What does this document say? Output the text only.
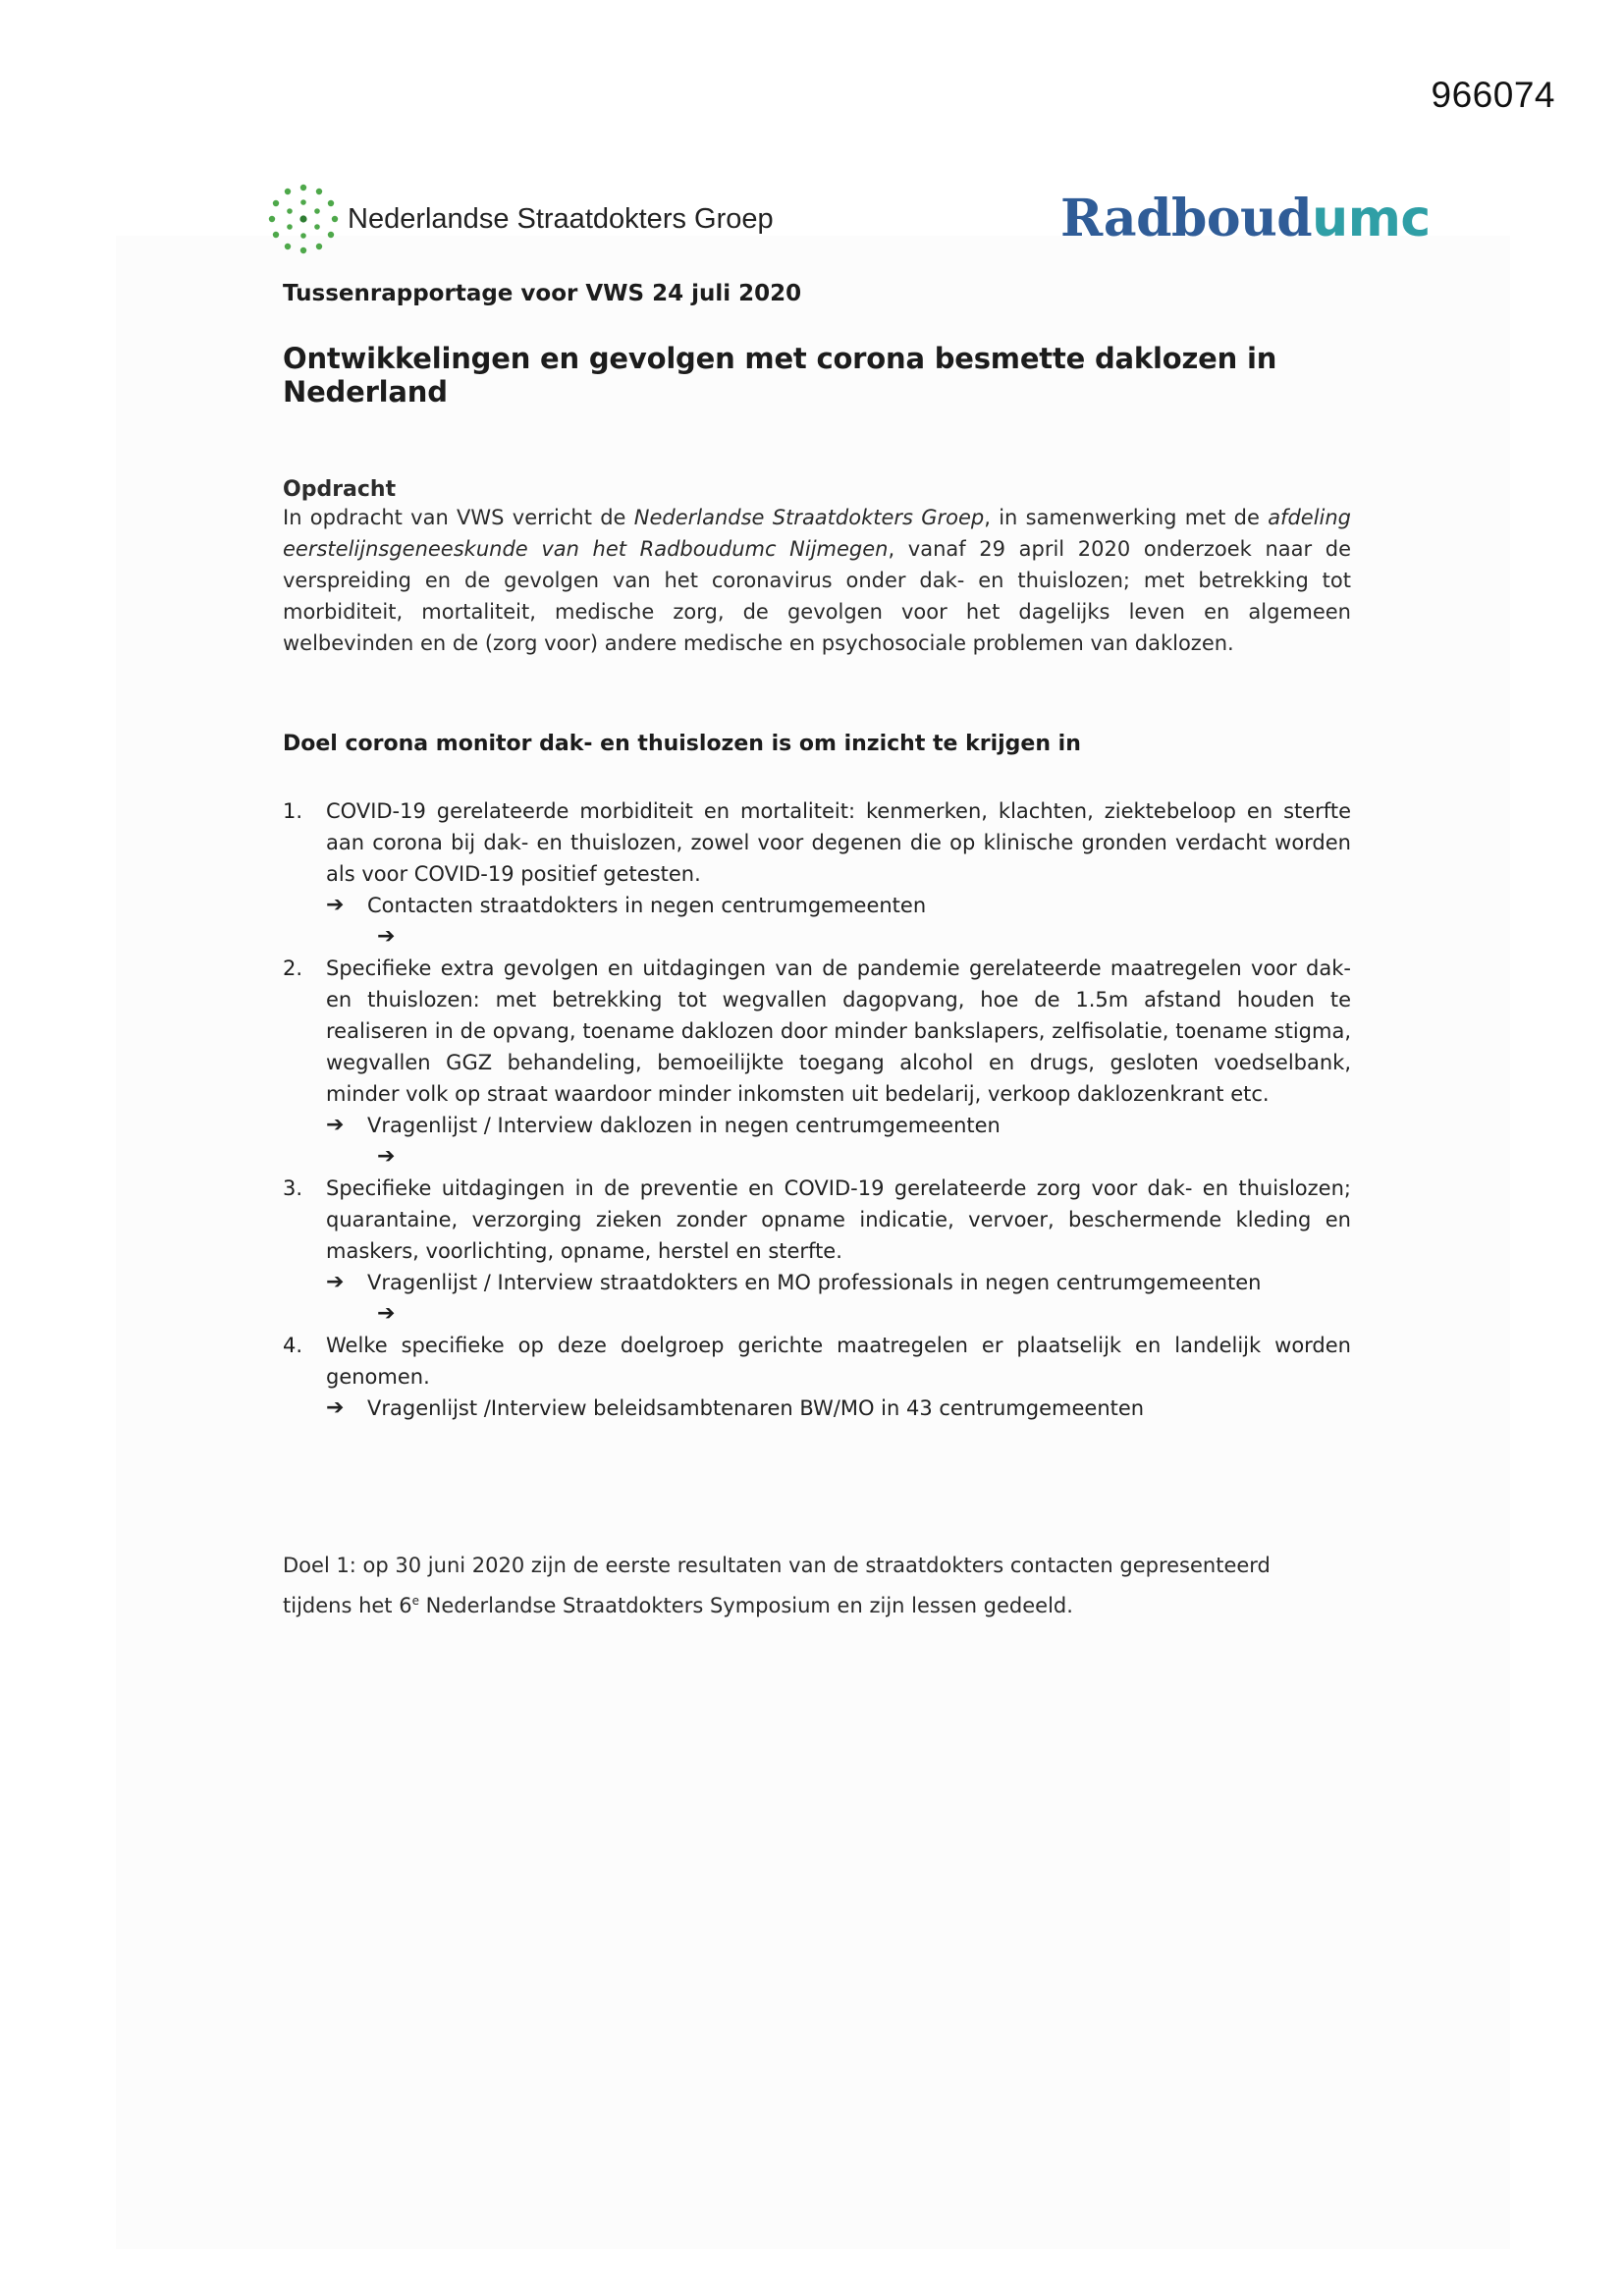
966074
Nederlandse Straatdokters Groep	Radboudumc
Tussenrapportage voor VWS 24 juli 2020
Ontwikkelingen en gevolgen met corona besmette daklozen in Nederland
Opdracht

In opdracht van VWS verricht de Nederlandse Straatdokters Groep, in samenwerking met de afdeling eerstelijnsgeneeskunde van het Radboudumc Nijmegen, vanaf 29 april 2020 onderzoek naar de verspreiding en de gevolgen van het coronavirus onder dak- en thuislozen; met betrekking tot morbiditeit, mortaliteit, medische zorg, de gevolgen voor het dagelijks leven en algemeen welbevinden en de (zorg voor) andere medische en psychosociale problemen van daklozen.

Doel corona monitor dak- en thuislozen is om inzicht te krijgen in
1. COVID-19 gerelateerde morbiditeit en mortaliteit: kenmerken, klachten, ziektebeloop en sterfte aan corona bij dak- en thuislozen, zowel voor degenen die op klinische gronden verdacht worden als voor COVID-19 positief getesten.

➔	Contacten straatdokters in negen centrumgemeenten
➔
2. Specifieke extra gevolgen en uitdagingen van de pandemie gerelateerde maatregelen voor dak- en thuislozen: met betrekking tot wegvallen dagopvang, hoe de 1.5m afstand houden te realiseren in de opvang, toename daklozen door minder bankslapers, zelfisolatie, toename stigma, wegvallen GGZ behandeling, bemoeilijkte toegang alcohol en drugs, gesloten voedselbank, minder volk op straat waardoor minder inkomsten uit bedelarij, verkoop daklozenkrant etc.

➔	Vragenlijst / Interview daklozen in negen centrumgemeenten
➔
3. Specifieke uitdagingen in de preventie en COVID-19 gerelateerde zorg voor dak- en thuislozen; quarantaine, verzorging zieken zonder opname indicatie, vervoer, beschermende kleding en maskers, voorlichting, opname, herstel en sterfte.

➔	Vragenlijst / Interview straatdokters en MO professionals in negen centrumgemeenten
➔
4. Welke specifieke op deze doelgroep gerichte maatregelen er plaatselijk en landelijk worden genomen.

➔	Vragenlijst /Interview beleidsambtenaren BW/MO in 43 centrumgemeenten
Doel 1: op 30 juni 2020 zijn de eerste resultaten van de straatdokters contacten gepresenteerd
tijdens het 6e Nederlandse Straatdokters Symposium en zijn lessen gedeeld.
